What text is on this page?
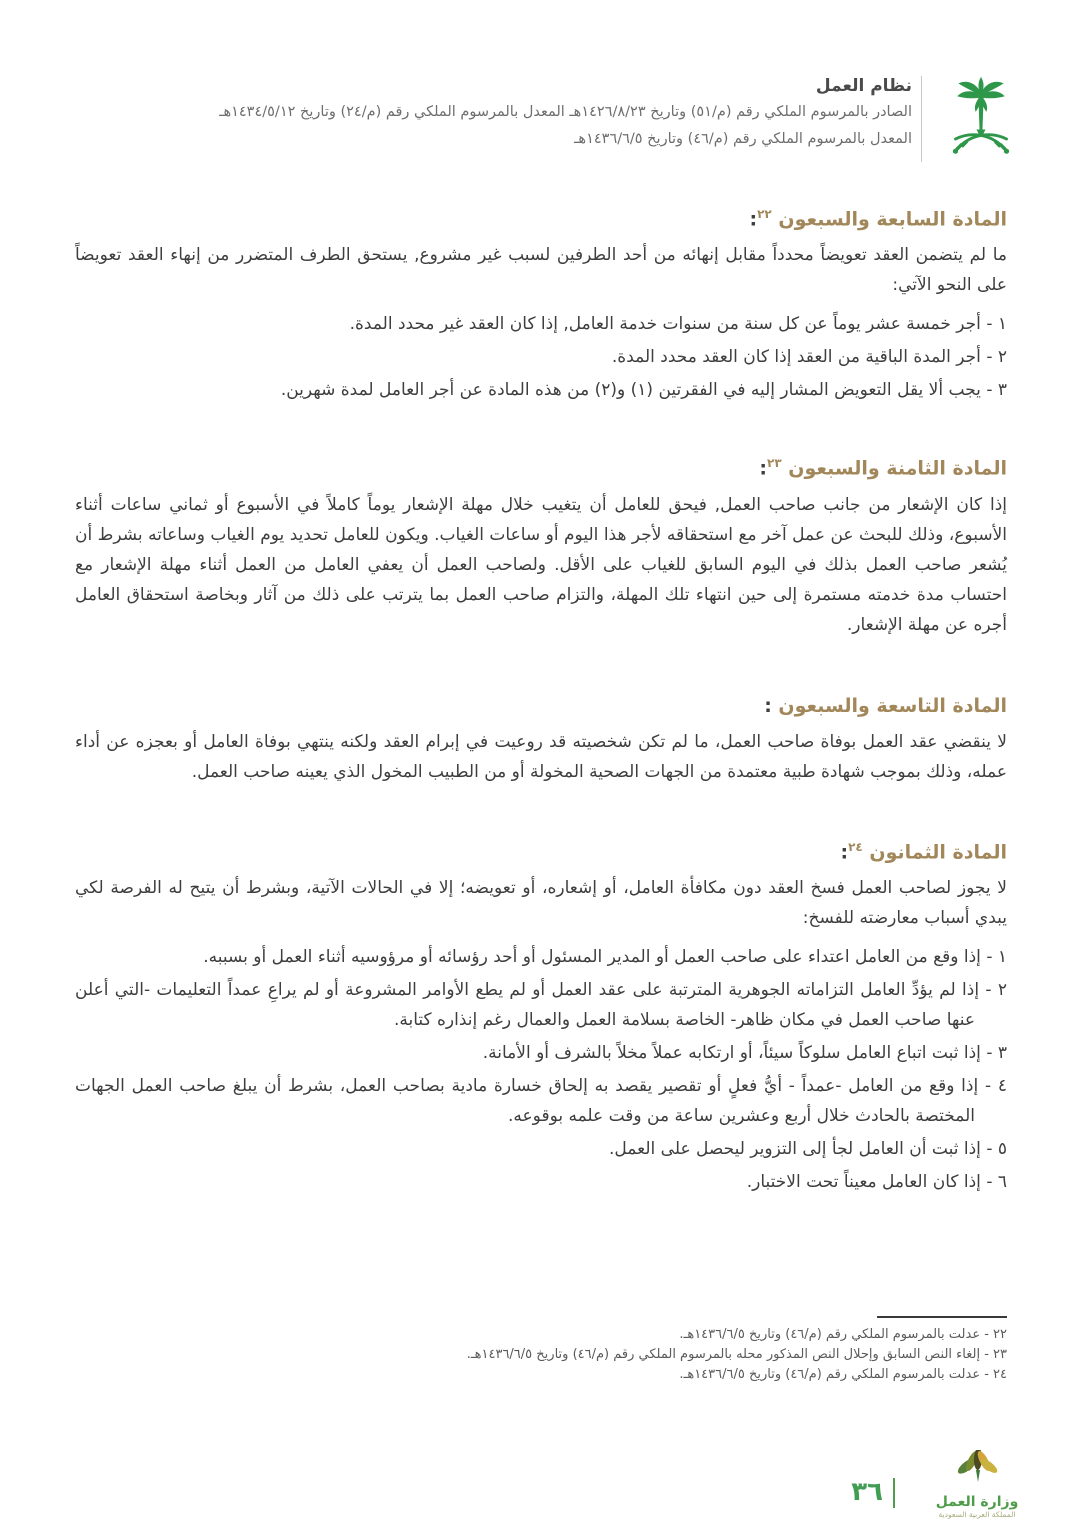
نظام العمل
الصادر بالمرسوم الملكي رقم (م/٥١) وتاريخ ١٤٢٦/٨/٢٣هـ المعدل بالمرسوم الملكي رقم (م/٢٤) وتاريخ ١٤٣٤/٥/١٢هـ
المعدل بالمرسوم الملكي رقم (م/٤٦) وتاريخ ١٤٣٦/٦/٥هـ
المادة السابعة والسبعون $^{٢٢}$:

ما لم يتضمن العقد تعويضاً محدداً مقابل إنهائه من أحد الطرفين لسبب غير مشروع, يستحق الطرف المتضرر من إنهاء العقد تعويضاً على النحو الآتي:

١ - أجر خمسة عشر يوماً عن كل سنة من سنوات خدمة العامل, إذا كان العقد غير محدد المدة.
٢ - أجر المدة الباقية من العقد إذا كان العقد محدد المدة.
٣ - يجب ألا يقل التعويض المشار إليه في الفقرتين (١) و(٢) من هذه المادة عن أجر العامل لمدة شهرين.
المادة الثامنة والسبعون $^{٢٣}$:

إذا كان الإشعار من جانب صاحب العمل, فيحق للعامل أن يتغيب خلال مهلة الإشعار يوماً كاملاً في الأسبوع أو ثماني ساعات أثناء الأسبوع، وذلك للبحث عن عمل آخر مع استحقاقه لأجر هذا اليوم أو ساعات الغياب. ويكون للعامل تحديد يوم الغياب وساعاته بشرط أن يُشعر صاحب العمل بذلك في اليوم السابق للغياب على الأقل. ولصاحب العمل أن يعفي العامل من العمل أثناء مهلة الإشعار مع احتساب مدة خدمته مستمرة إلى حين انتهاء تلك المهلة، والتزام صاحب العمل بما يترتب على ذلك من آثار وبخاصة استحقاق العامل أجره عن مهلة الإشعار.

المادة التاسعة والسبعون :

لا ينقضي عقد العمل بوفاة صاحب العمل، ما لم تكن شخصيته قد روعيت في إبرام العقد ولكنه ينتهي بوفاة العامل أو بعجزه عن أداء عمله، وذلك بموجب شهادة طبية معتمدة من الجهات الصحية المخولة أو من الطبيب المخول الذي يعينه صاحب العمل.

المادة الثمانون $^{٢٤}$:

لا يجوز لصاحب العمل فسخ العقد دون مكافأة العامل، أو إشعاره، أو تعويضه؛ إلا في الحالات الآتية، وبشرط أن يتيح له الفرصة لكي يبدي أسباب معارضته للفسخ:

١ - إذا وقع من العامل اعتداء على صاحب العمل أو المدير المسئول أو أحد رؤسائه أو مرؤوسيه أثناء العمل أو بسببه.
٢ - إذا لم يؤدِّ العامل التزاماته الجوهرية المترتبة على عقد العمل أو لم يطع الأوامر المشروعة أو لم يراعِ عمداً التعليمات -التي أعلن عنها صاحب العمل في مكان ظاهر- الخاصة بسلامة العمل والعمال رغم إنذاره كتابة.
٣ - إذا ثبت اتباع العامل سلوكاً سيئاً، أو ارتكابه عملاً مخلاً بالشرف أو الأمانة.
٤ - إذا وقع من العامل -عمداً - أيُّ فعلٍ أو تقصير يقصد به إلحاق خسارة مادية بصاحب العمل، بشرط أن يبلغ صاحب العمل الجهات المختصة بالحادث خلال أربع وعشرين ساعة من وقت علمه بوقوعه.
٥ - إذا ثبت أن العامل لجأ إلى التزوير ليحصل على العمل.
٦ - إذا كان العامل معيناً تحت الاختبار.
٢٢ - عدلت بالمرسوم الملكي رقم (م/٤٦) وتاريخ ١٤٣٦/٦/٥هـ.
٢٣ - إلغاء النص السابق وإحلال النص المذكور محله بالمرسوم الملكي رقم (م/٤٦) وتاريخ ١٤٣٦/٦/٥هـ.
٢٤ - عدلت بالمرسوم الملكي رقم (م/٤٦) وتاريخ ١٤٣٦/٦/٥هـ.
وزارة العمل
المملكة العربية السعودية
٣٦
